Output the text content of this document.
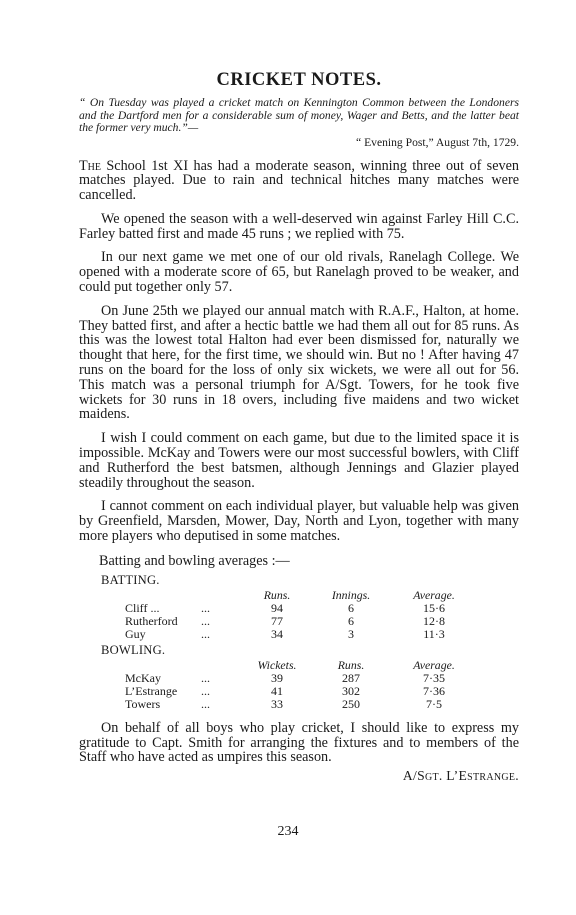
CRICKET NOTES.

“ On Tuesday was played a cricket match on Kennington Common between the Londoners and the Dartford men for a considerable sum of money, Wager and Betts, and the latter beat the former very much.”—

“ Evening Post,” August 7th, 1729.

The School 1st XI has had a moderate season, winning three out of seven matches played. Due to rain and technical hitches many matches were cancelled.

We opened the season with a well-deserved win against Farley Hill C.C. Farley batted first and made 45 runs ; we replied with 75.

In our next game we met one of our old rivals, Ranelagh College. We opened with a moderate score of 65, but Ranelagh proved to be weaker, and could put together only 57.

On June 25th we played our annual match with R.A.F., Halton, at home. They batted first, and after a hectic battle we had them all out for 85 runs. As this was the lowest total Halton had ever been dismissed for, naturally we thought that here, for the first time, we should win. But no ! After having 47 runs on the board for the loss of only six wickets, we were all out for 56. This match was a personal triumph for A/Sgt. Towers, for he took five wickets for 30 runs in 18 overs, including five maidens and two wicket maidens.

I wish I could comment on each game, but due to the limited space it is impossible. McKay and Towers were our most successful bowlers, with Cliff and Rutherford the best batsmen, although Jennings and Glazier played steadily throughout the season.

I cannot comment on each individual player, but valuable help was given by Greenfield, Marsden, Mower, Day, North and Lyon, together with many more players who deputised in some matches.

Batting and bowling averages :—
BATTING.
		Runs.	Innings.	Average.
Cliff ...	...	94	6	15·6
Rutherford	...	77	6	12·8
Guy	...	34	3	11·3
BOWLING.
		Wickets.	Runs.	Average.
McKay	...	39	287	7·35
L’Estrange	...	41	302	7·36
Towers	...	33	250	7·5

On behalf of all boys who play cricket, I should like to express my gratitude to Capt. Smith for arranging the fixtures and to members of the Staff who have acted as umpires this season.

A/Sgt. L’Estrange.

234
